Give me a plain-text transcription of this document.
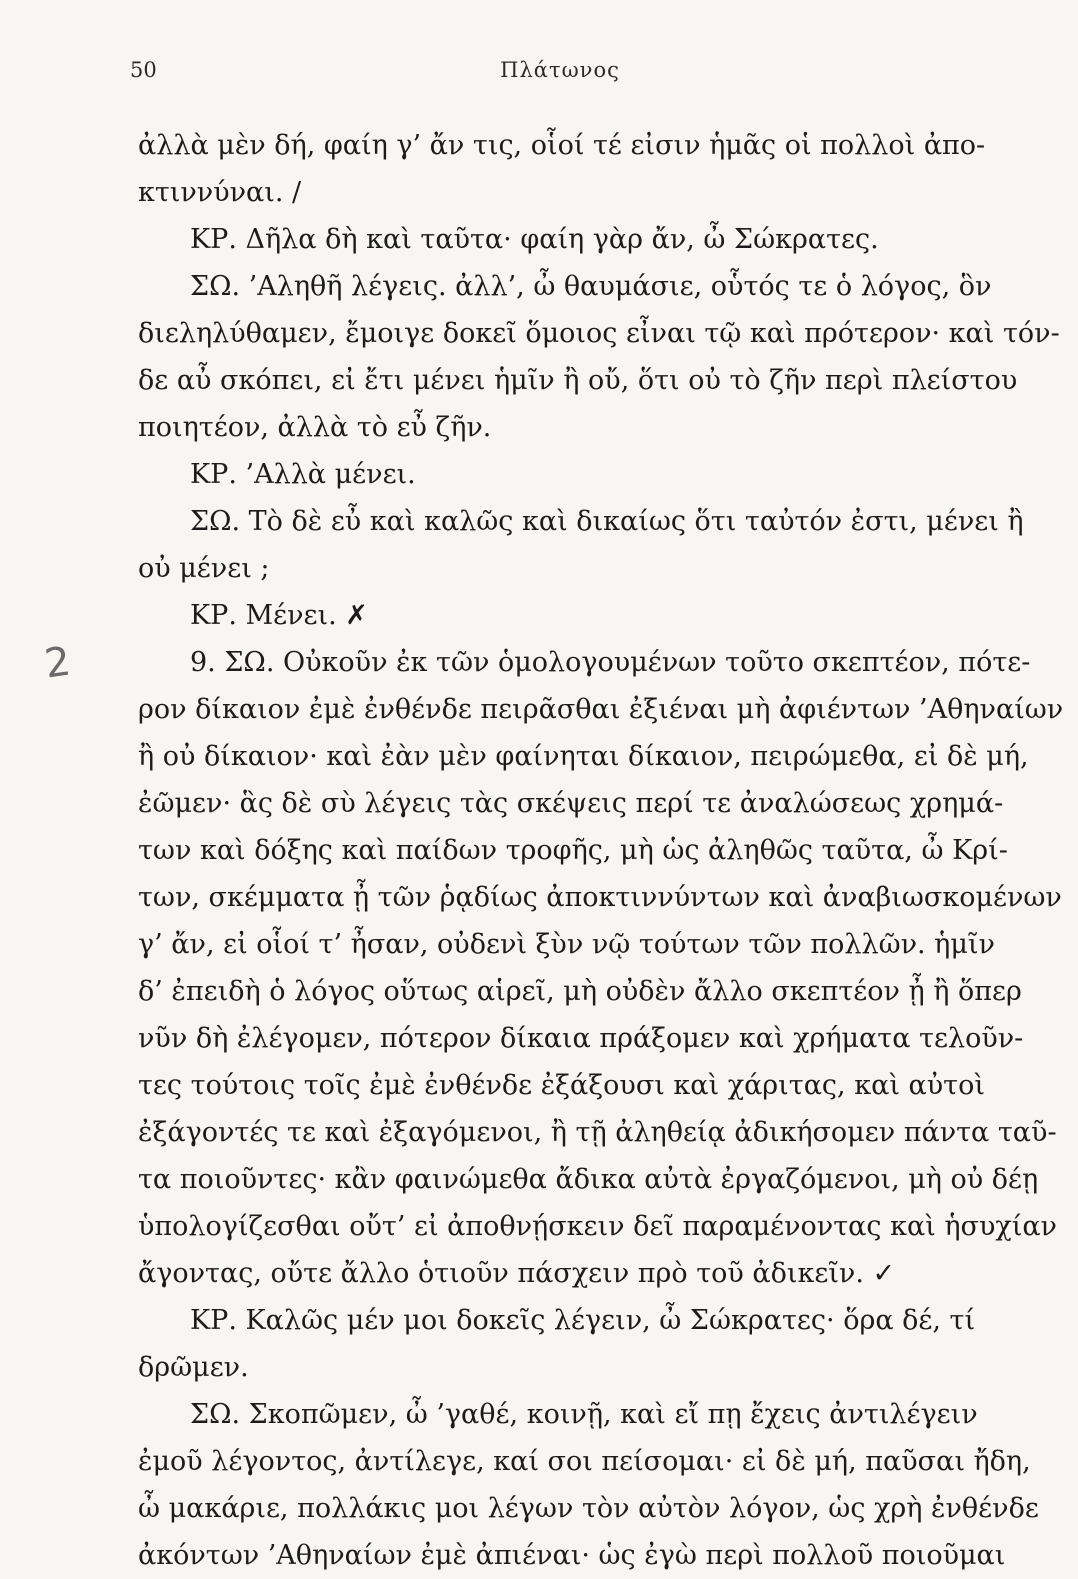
50	Πλάτωνος
2
ἀλλὰ μὲν δή, φαίη γ’ ἄν τις, οἷοί τέ εἰσιν ἡμᾶς οἱ πολλοὶ ἀπο-
κτιννύναι. /
ΚΡ. Δῆλα δὴ καὶ ταῦτα· φαίη γὰρ ἄν, ὦ Σώκρατες.
ΣΩ. ’Αληθῆ λέγεις. ἀλλ’, ὦ θαυμάσιε, οὗτός τε ὁ λόγος, ὃν
διεληλύθαμεν, ἔμοιγε δοκεῖ ὅμοιος εἶναι τῷ καὶ πρότερον· καὶ τόν-
δε αὖ σκόπει, εἰ ἔτι μένει ἡμῖν ἢ οὔ, ὅτι οὐ τὸ ζῆν περὶ πλείστου
ποιητέον, ἀλλὰ τὸ εὖ ζῆν.
ΚΡ. ’Αλλὰ μένει.
ΣΩ. Τὸ δὲ εὖ καὶ καλῶς καὶ δικαίως ὅτι ταὐτόν ἐστι, μένει ἢ
οὐ μένει ;
ΚΡ. Μένει. ✗
9. ΣΩ. Οὐκοῦν ἐκ τῶν ὁμολογουμένων τοῦτο σκεπτέον, πότε-
ρον δίκαιον ἐμὲ ἐνθένδε πειρᾶσθαι ἐξιέναι μὴ ἀφιέντων ’Αθηναίων
ἢ οὐ δίκαιον· καὶ ἐὰν μὲν φαίνηται δίκαιον, πειρώμεθα, εἰ δὲ μή,
ἐῶμεν· ἃς δὲ σὺ λέγεις τὰς σκέψεις περί τε ἀναλώσεως χρημά-
των καὶ δόξης καὶ παίδων τροφῆς, μὴ ὡς ἀληθῶς ταῦτα, ὦ Κρί-
των, σκέμματα ᾖ τῶν ῥᾳδίως ἀποκτιννύντων καὶ ἀναβιωσκομένων
γ’ ἄν, εἰ οἷοί τ’ ἦσαν, οὐδενὶ ξὺν νῷ τούτων τῶν πολλῶν. ἡμῖν
δ’ ἐπειδὴ ὁ λόγος οὕτως αἱρεῖ, μὴ οὐδὲν ἄλλο σκεπτέον ᾖ ἢ ὅπερ
νῦν δὴ ἐλέγομεν, πότερον δίκαια πράξομεν καὶ χρήματα τελοῦν-
τες τούτοις τοῖς ἐμὲ ἐνθένδε ἐξάξουσι καὶ χάριτας, καὶ αὐτοὶ
ἐξάγοντές τε καὶ ἐξαγόμενοι, ἢ τῇ ἀληθείᾳ ἀδικήσομεν πάντα ταῦ-
τα ποιοῦντες· κἂν φαινώμεθα ἄδικα αὐτὰ ἐργαζόμενοι, μὴ οὐ δέῃ
ὑπολογίζεσθαι οὔτ’ εἰ ἀποθνῄσκειν δεῖ παραμένοντας καὶ ἡσυχίαν
ἄγοντας, οὔτε ἄλλο ὁτιοῦν πάσχειν πρὸ τοῦ ἀδικεῖν. ✓
ΚΡ. Καλῶς μέν μοι δοκεῖς λέγειν, ὦ Σώκρατες· ὅρα δέ, τί
δρῶμεν.
ΣΩ. Σκοπῶμεν, ὦ ’γαθέ, κοινῇ, καὶ εἴ πῃ ἔχεις ἀντιλέγειν
ἐμοῦ λέγοντος, ἀντίλεγε, καί σοι πείσομαι· εἰ δὲ μή, παῦσαι ἤδη,
ὦ μακάριε, πολλάκις μοι λέγων τὸν αὐτὸν λόγον, ὡς χρὴ ἐνθένδε
ἀκόντων ’Αθηναίων ἐμὲ ἀπιέναι· ὡς ἐγὼ περὶ πολλοῦ ποιοῦμαι
